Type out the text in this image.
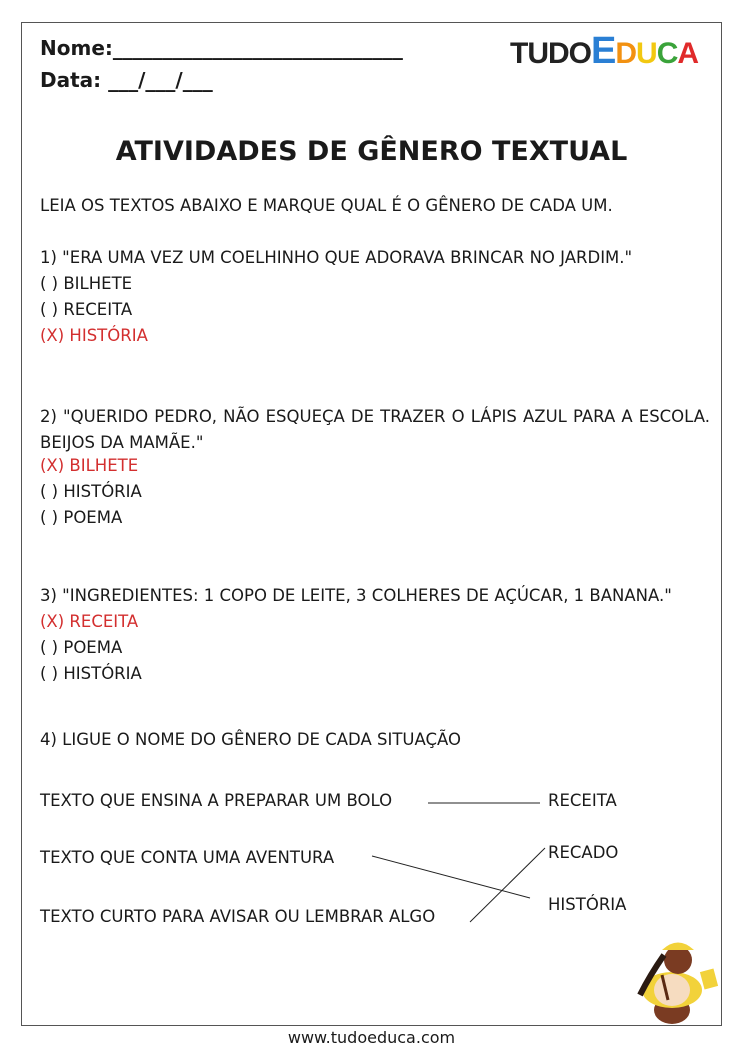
Nome:_____________________________
Data: ___/___/___
TUDOEDUCA
ATIVIDADES DE GÊNERO TEXTUAL
LEIA OS TEXTOS ABAIXO E MARQUE QUAL É O GÊNERO DE CADA UM.
1) "ERA UMA VEZ UM COELHINHO QUE ADORAVA BRINCAR NO JARDIM."
( ) BILHETE
( ) RECEITA
(X) HISTÓRIA
2) "QUERIDO PEDRO, NÃO ESQUEÇA DE TRAZER O LÁPIS AZUL PARA A ESCOLA. BEIJOS DA MAMÃE."
(X) BILHETE
( ) HISTÓRIA
( ) POEMA
3) "INGREDIENTES: 1 COPO DE LEITE, 3 COLHERES DE AÇÚCAR, 1 BANANA."
(X) RECEITA
( ) POEMA
( ) HISTÓRIA
4) LIGUE O NOME DO GÊNERO DE CADA SITUAÇÃO
TEXTO QUE ENSINA A PREPARAR UM BOLO
TEXTO QUE CONTA UMA AVENTURA
TEXTO CURTO PARA AVISAR OU LEMBRAR ALGO
RECEITA
RECADO
HISTÓRIA
www.tudoeduca.com
